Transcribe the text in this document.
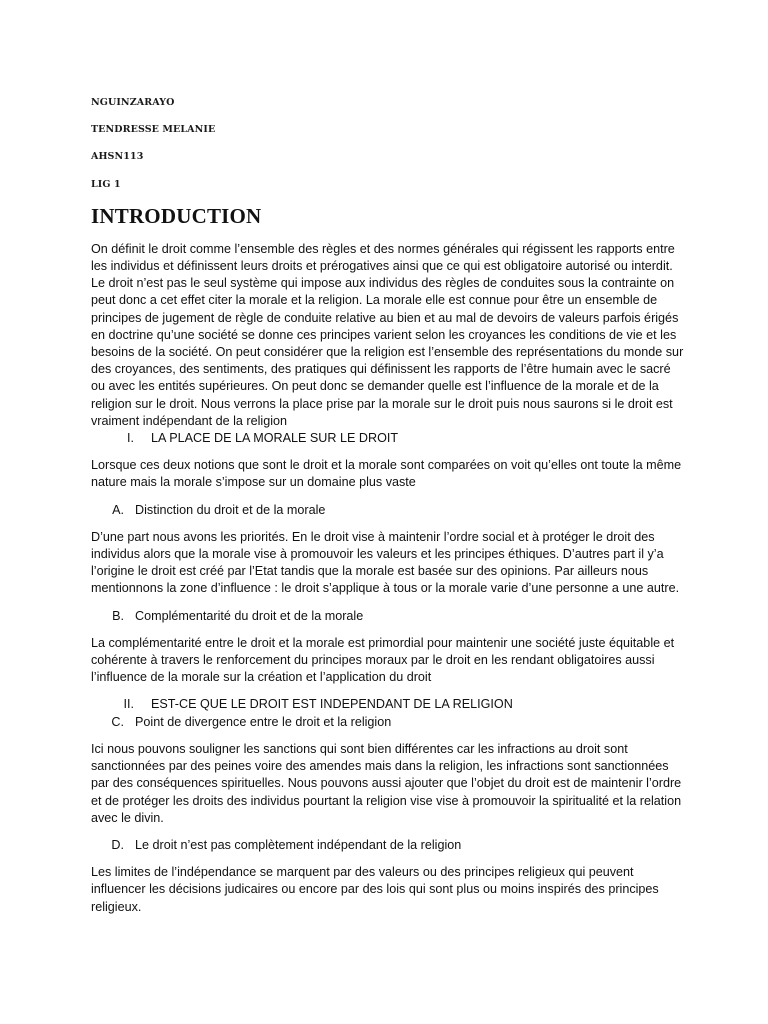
NGUINZARAYO

TENDRESSE MELANIE

AHSN113

LIG 1

INTRODUCTION

On définit le droit comme l’ensemble des règles et des normes générales qui régissent les rapports entre les individus et définissent leurs droits et prérogatives ainsi que ce qui est obligatoire autorisé ou interdit. Le droit n’est pas le seul système qui impose aux individus des règles de conduites sous la contrainte on peut donc a cet effet citer la morale et la religion. La morale elle est connue pour être un ensemble de principes de jugement de règle de conduite relative au bien et au mal de devoirs de valeurs parfois érigés en doctrine qu’une société se donne ces principes varient selon les croyances les conditions de vie et les besoins de la société. On peut considérer que la religion est l’ensemble des représentations du monde sur des croyances, des sentiments, des pratiques qui définissent les rapports de l’être humain avec le sacré ou avec les entités supérieures. On peut donc se demander quelle est l’influence de la morale et de la religion sur le droit. Nous verrons la place prise par la morale sur le droit puis nous saurons si le droit est vraiment indépendant de la religion

I.	LA PLACE DE LA MORALE SUR LE DROIT

Lorsque ces deux notions que sont le droit et la morale sont comparées on voit qu’elles ont toute la même nature mais la morale s’impose sur un domaine plus vaste

A. Distinction du droit et de la morale

D’une part nous avons les priorités. En le droit vise à maintenir l’ordre social et à protéger le droit des individus alors que la morale vise à promouvoir les valeurs et les principes éthiques. D’autres part il y’a l’origine le droit est créé par l’Etat tandis que la morale est basée sur des opinions. Par ailleurs nous mentionnons la zone d’influence : le droit s’applique à tous or la morale varie d’une personne a une autre.

B. Complémentarité du droit et de la morale

La complémentarité entre le droit et la morale est primordial pour maintenir une société juste équitable et cohérente à travers le renforcement du principes moraux par le droit en les rendant obligatoires aussi l’influence de la morale sur la création et l’application du droit

II.	EST-CE QUE LE DROIT EST INDEPENDANT DE LA RELIGION
C. Point de divergence entre le droit et la religion

Ici nous pouvons souligner les sanctions qui sont bien différentes car les infractions au droit sont sanctionnées par des peines voire des amendes mais dans la religion, les infractions sont sanctionnées par des conséquences spirituelles. Nous pouvons aussi ajouter que l’objet du droit est de maintenir l’ordre et de protéger les droits des individus pourtant la religion vise vise à promouvoir la spiritualité et la relation avec le divin.

D. Le droit n’est pas complètement indépendant de la religion

Les limites de l’indépendance se marquent par des valeurs ou des principes religieux qui peuvent influencer les décisions judicaires ou encore par des lois qui sont plus ou moins inspirés des principes religieux.
